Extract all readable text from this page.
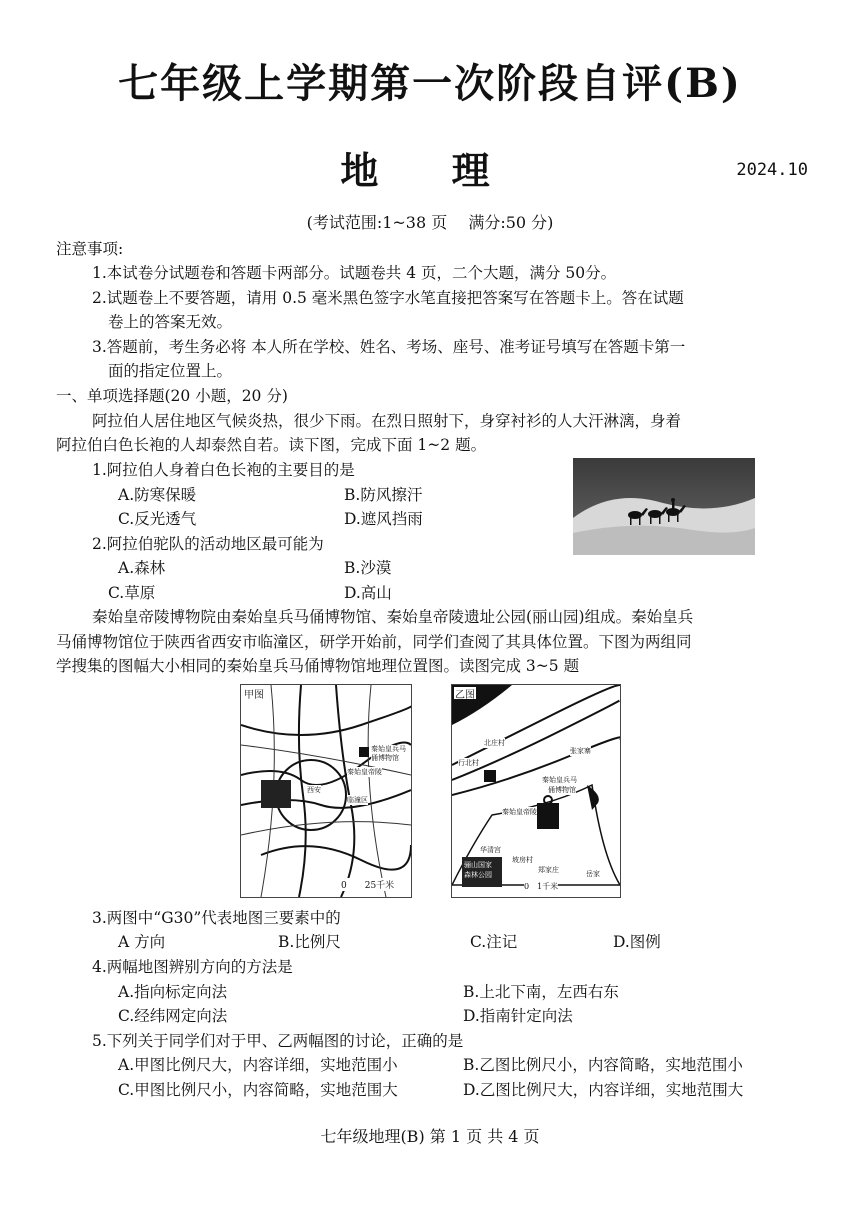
七年级上学期第一次阶段自评(B)
地 理	2024.10
(考试范围:1~38 页　 满分:50 分)
注意事项:
1.本试卷分试题卷和答题卡两部分。试题卷共 4 页，二个大题，满分 50分。
2.试题卷上不要答题，请用 0.5 毫米黑色签字水笔直接把答案写在答题卡上。答在试题
卷上的答案无效。
3.答题前，考生务必将 本人所在学校、姓名、考场、座号、准考证号填写在答题卡第一
面的指定位置上。
一、单项选择题(20 小题，20 分)
阿拉伯人居住地区气候炎热，很少下雨。在烈日照射下，身穿衬衫的人大汗淋漓，身着
阿拉伯白色长袍的人却泰然自若。读下图，完成下面 1~2 题。
1.阿拉伯人身着白色长袍的主要目的是
A.防寒保暖	B.防风擦汗
C.反光透气	D.遮风挡雨
2.阿拉伯驼队的活动地区最可能为
A.森林	B.沙漠
C.草原	D.高山
秦始皇帝陵博物院由秦始皇兵马俑博物馆、秦始皇帝陵遗址公园(丽山园)组成。秦始皇兵
马俑博物馆位于陕西省西安市临潼区，研学开始前，同学们查阅了其具体位置。下图为两组同
学搜集的图幅大小相同的秦始皇兵马俑博物馆地理位置图。读图完成 3~5 题
甲图
秦始皇兵马俑博物馆
秦始皇帝陵
西安
临潼区
0　　25千米
乙图
北庄村
张家寨
行北村
秦始皇兵马
俑博物馆
秦始皇帝陵
华清宫
坡房村
郑家庄	岳家
骊山国家
森林公园
0　1千米
3.两图中“G30”代表地图三要素中的
A 方向	B.比例尺	C.注记	D.图例
4.两幅地图辨别方向的方法是
A.指向标定向法	B.上北下南，左西右东
C.经纬网定向法	D.指南针定向法
5.下列关于同学们对于甲、乙两幅图的讨论，正确的是
A.甲图比例尺大，内容详细，实地范围小	B.乙图比例尺小，内容简略，实地范围小
C.甲图比例尺小，内容简略，实地范围大	D.乙图比例尺大，内容详细，实地范围大
七年级地理(B) 第 1 页 共 4 页
